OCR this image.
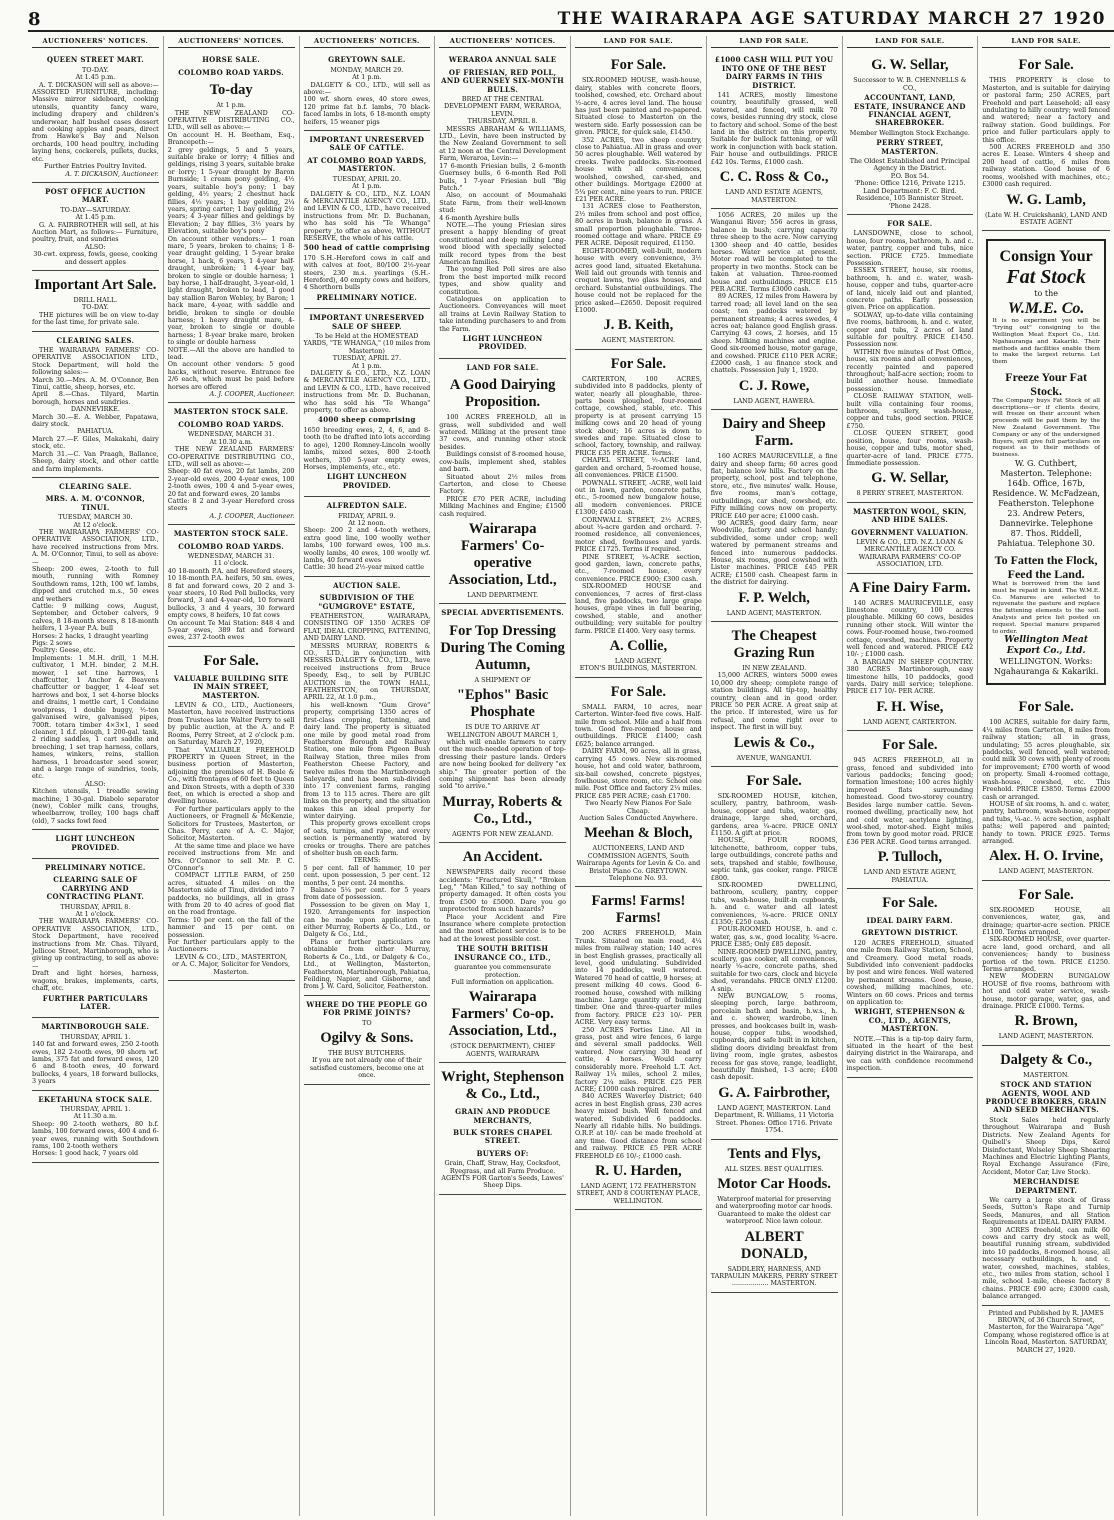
8	THE WAIRARAPA AGE SATURDAY MARCH 27 1920
AUCTIONEERS' NOTICES.
QUEEN STREET MART.
TO-DAY.
At 1.45 p.m.
A. T. DICKASON will sell as above:— ASSORTED FURNITURE, including: Massive mirror sideboard, cooking utensils, quantity fancy ware, including drapery and children's underwear, half bushel cases dessert and cooking apples and pears, direct from Hawke's Bay and Nelson orchards, 100 head poultry, including laying hens, cockerels, pullets, ducks, etc.
Further Entries Poultry Invited.
A. T. DICKASON, Auctioneer.
POST OFFICE AUCTION MART.
TO-DAY—SATURDAY.
At 1.45 p.m.
G. A. FAIRBROTHER will sell, at his Auction Mart, as follows:— Furniture, poultry, fruit, and sundries
ALSO:
30-cwt. express, fowls, geese, cooking and dessert apples
Important Art Sale.
DRILL HALL.
TO-DAY.
THE pictures will be on view to-day for the last time, for private sale.
CLEARING SALES.
THE WAIRARAPA FARMERS' CO-OPERATIVE ASSOCIATION LTD., Stock Department, will hold the following sales:—
March 30.—Mrs. A. M. O'Connor, Ben Tinui, cattle, sheep, horses, etc.
April 8.—Chas. Tilyard, Martin borough, horses and sundries.
DANNEVIRKE.
March 30.—E. A. Webber, Papatawa, dairy stock.
PAHIATUA.
March 27.—F. Giles, Makakahi, dairy stock, etc.
March 31.—C. Van Praagh, Ballance, Sheep, dairy stock, and other cattle and farm implements.
CLEARING SALE.
MRS. A. M. O'CONNOR, TINUI.
TUESDAY, MARCH 30.
At 12 o'clock.
THE WAIRARAPA FARMERS' CO-OPERATIVE ASSOCIATION, LTD., have received instructions from Mrs. A. M. O'Connor, Tinui, to sell as above:—
Sheep: 200 ewes, 2-tooth to full mouth, running with Romney Southdown rams, 12th, 100 wf. lambs, dipped and crutched m.s., 50 ewes and wethers
Cattle: 9 milking cows, August, September, and October calvers, 9 calves, 8 18-month steers, 8 18-month heifers, 1 3-year P.A. bull
Horses: 2 hacks, 1 draught yearling
Pigs: 2 sows
Poultry: Geese, etc.
Implements: 1 M.H. drill, 1 M.H. cultivator, 1 M.H. binder, 2 M.H. mower, 1 set tine harrows, 1 chaffcutter, 1 Anchor & Beavens chaffcutter or bagger, 1 4-leaf set harrows and box, 1 set 4-horse blocks and drains, 1 mettle cart, 1 Condaine woolpress, 1 double buggy, ½-ton galvanised wire, galvanised pipes, 700ft. totara timber 4×3×1, 1 seed cleaner, 1 d.f. plough, 1 200-gal. tank, 2 riding saddles, 1 cart saddle and breeching, 1 set trap harness, collars, hames, winkers, reins, stallion harness, 1 broadcaster seed sower, and a large range of sundries, tools, etc.
ALSO:
Kitchen utensils, 1 treadle sewing machine, 1 30-gal. Diabolo separator (new), Cobler milk cans, troughs, wheelbarrow, trolley, 100 bags chaff (old), 7 sacks fowl feed
LIGHT LUNCHEON PROVIDED.
PRELIMINARY NOTICE.
CLEARING SALE OF CARRYING AND CONTRACTING PLANT.
THURSDAY, APRIL 8.
At 1 o'clock.
THE WAIRARAPA FARMERS' CO-OPERATIVE ASSOCIATION, LTD., Stock Department, have received instructions from Mr. Chas. Tilyard, Jellicoe Street, Martinborough, who is giving up contracting, to sell as above:—
Draft and light horses, harness, wagons, brakes, implements, carts, chaff, etc.
FURTHER PARTICULARS LATER.
MARTINBOROUGH SALE.
THURSDAY, APRIL 1.
140 fat and forward ewes, 250 2-tooth ewes, 182 2-tooth ewes, 90 shorn wf. lambs, 375 fat and forward ewes, 120 6 and 8-tooth ewes, 40 forward bullocks, 4 years, 18 forward bullocks, 3 years
EKETAHUNA STOCK SALE.
THURSDAY, APRIL 1.
At 11.30 a.m.
Sheep: 90 2-tooth wethers, 80 b.f. lambs, 100 forward ewes, 400 4 and 6-year ewes, running with Southdown rams, 100 2-tooth wethers
Horses: 1 good hack, 7 years old
AUCTIONEERS' NOTICES.
HORSE SALE.
COLOMBO ROAD YARDS.
To-day
At 1 p.m.
THE NEW ZEALAND CO-OPERATIVE DISTRIBUTING CO., LTD., will sell as above:—
On account H. H. Beetham, Esq., Brancepeth:—
2 grey geldings, 5 and 5 years, suitable brake or lorry; 4 fillies and geldings, rising 3 years, suitable brake or lorry; 1 5-year draught by Baron Burnside; 1 cream pony gelding, 4½ years, suitable boy's pony; 1 bay gelding, 4½ years; 2 chestnut hack fillies, 4½ years; 1 bay gelding, 2¼ years, spring carter; 1 bay gelding 2½ years; 4 3-year fillies and geldings by Elevation; 2 bay fillies, 3½ years by Elevation, suitable boy's pony
On account other vendors:— 1 roan mare, 5 years, broken to chains; 1 8-year draught gelding, 1 5-year brake horse, 1 hack, 6 years, 1 4-year half-draught, unbroken; 1 4-year bay, broken to single or double harness; 1 bay horse, 1 half-draught, 3-year-old, 1 light draught, broken to lead, 1 good bay stallion Baron Webley, by Baron; 1 hack mare, 4-year, with saddle and bridle, broken to single or double harness; 1 heavy draught mare, 4-year, broken to single or double harness; 1 8-year brake mare, broken to single or double harness
NOTE.—All the above are handled to lead.
On account other vendors: 5 good hacks, without reserve. Entrance fee 2/6 each, which must be paid before horses are offered
A. J. COOPER, Auctioneer.
MASTERTON STOCK SALE.
COLOMBO ROAD YARDS.
WEDNESDAY, MARCH 31.
At 10.30 a.m.
THE NEW ZEALAND FARMERS' CO-OPERATIVE DISTRIBUTING CO., LTD., will sell as above:—
Sheep: 40 fat ewes, 20 fat lambs, 200 2-year-old ewes, 200 4-year ewes, 100 2-tooth ewes, 100 4 and 5-year ewes, 20 fat and forward ewes, 20 lambs
Cattle: 8 2 and 3-year Hereford cross steers
A. J. COOPER, Auctioneer.
MASTERTON STOCK SALE.
COLOMBO ROAD YARDS.
WEDNESDAY, MARCH 31.
11 o'clock.
40 18-month P.A. and Hereford steers, 10 18-month P.A. heifers, 50 sm. ewes, 8 fat and forward cows, 20 2 and 3-year steers, 10 Red Poll bullocks, very forward, 3 and 4-year-old, 10 forward bullocks, 3 and 4 years, 30 forward empty cows, 8 heifers, 10 fat cows
On account Te Mai Station: 848 4 and 5-year ewes, 389 fat and forward ewes, 237 2-tooth ewes
For Sale.
VALUABLE BUILDING SITE IN MAIN STREET, MASTERTON.
LEVIN & CO., LTD., Auctioneers, Masterton, have received instructions from Trustees late Walter Perry to sell by public auction, at the A. and P. Rooms, Perry Street, at 2 o'clock p.m. on Saturday, March 27, 1920,
That VALUABLE FREEHOLD PROPERTY in Queen Street, in the business portion of Masterton, adjoining the premises of H. Beale & Co., with frontages of 60 feet to Queen and Dixon Streets, with a depth of 330 feet, on which is erected a shop and dwelling house.
For further particulars apply to the Auctioneers, or Fragnell & McKenzie, Solicitors for Trustees, Masterton, or Chas. Perry, care of A. C. Major, Solicitor, Masterton.
At the same time and place we have received instructions from Mr. and Mrs. O'Connor to sell Mr. P. C. O'Connor's
COMPACT LITTLE FARM, of 250 acres, situated 4 miles on the Masterton side of Tinui, divided into 7 paddocks, no buildings, all in grass with from 20 to 40 acres of good flat on the road frontage.
Terms: 10 per cent. on the fall of the hammer and 15 per cent. on possession.
For further particulars apply to the Auctioneers:
LEVIN & CO., LTD., MASTERTON,
or A. C. Major, Solicitor for Vendors, Masterton.
AUCTIONEERS' NOTICES.
GREYTOWN SALE.
MONDAY, MARCH 29.
At 1 p.m.
DALGETY & CO., LTD., will sell as above:—
100 wf. shorn ewes, 40 store ewes, 120 prime fat b.f. lambs, 70 black-faced lambs in lots, 6 18-month empty heifers, 15 weaner pigs
IMPORTANT UNRESERVED SALE OF CATTLE.
AT COLOMBO ROAD YARDS, MASTERTON.
TUESDAY, APRIL 20.
At 1 p.m.
DALGETY & CO., LTD., N.Z. LOAN & MERCANTILE AGENCY CO., LTD., and LEVIN & CO., LTD., have received instructions from Mr. D. Buchanan, who has sold his "Te Whanga" property ,to offer as above, WITHOUT RESERVE, the whole of his cattle.
500 head of cattle comprising
170 S.H.-Hereford cows in calf and with calves at foot, 80/100 2½-year steers, 230 m.s. yearlings (S.H.-Hereford), 40 empty cows and heifers, 4 Shorthorn bulls
PRELIMINARY NOTICE.
IMPORTANT UNRESERVED SALE OF SHEEP.
To be Held at the HOMESTEAD YARDS, "TE WHANGA," (10 miles from Masterton)
TUESDAY, APRIL 27.
At 1 p.m.
DALGETY & CO., LTD., N.Z. LOAN & MERCANTILE AGENCY CO., LTD., and LEVIN & CO., LTD., have received instructions from Mr. D. Buchanan, who has sold his "Te Whanga" property, to offer as above.
4000 sheep comprising
1650 breeding ewes, 2, 4, 6, and 8-tooth (to be drafted into lots according to age), 1200 Romney-Lincoln woolly lambs, mixed sexes, 800 2-tooth wethers, 350 5-year empty ewes, Horses, implements, etc., etc.
LIGHT LUNCHEON PROVIDED.
ALFREDTON SALE.
FRIDAY, APRIL 9.
At 12 noon.
Sheep: 200 2 and 4-tooth wethers, extra good line, 100 woolly wether lambs, 100 forward ewes, 100 m.s. woolly lambs, 40 ewes, 100 woolly wf. lambs, 40 forward ewes
Cattle: 30 head 2½-year mixed cattle
AUCTION SALE.
SUBDIVISION OF THE "GUMGROVE" ESTATE,
FEATHERSTON, WAIRARAPA, CONSISTING OF 1350 ACRES OF FLAT, IDEAL CROPPING, FATTENING, AND DAIRY LAND.
MESSRS MURRAY, ROBERTS & CO., LTD., in conjunction with MESSRS DALGETY & CO., LTD., have received instructions from Bruce Speedy, Esq., to sell by PUBLIC AUCTION in the TOWN HALL, FEATHERSTON, on THURSDAY, APRIL 22, At 1.0 p.m.,
his well-known "Gum Grove" property, comprising 1350 acres of first-class cropping, fattening, and dairy land. The property is situated one mile by good metal road from Featherston Borough and Railway Station, one mile from Pigeon Bush Railway Station, three miles from Featherston Cheese Factory, and twelve miles from the Martinborough Saleyards, and has been sub-divided into 17 convenient farms, ranging from 13 to 115 acres. There are gilt links on the property, and the situation makes this an ideal property for winter dairying.
This property grows excellent crops of oats, turnips, and rape, and every section is permanently watered by creeks or troughs. There are patches of shelter bush on each farm.
TERMS:
5 per cent. fall of hammer, 10 per cent. upon possession, 5 per cent. 12 months, 5 per cent. 24 months.
Balance 5¼ per cent. for 5 years from date of possession.
Possession to be given on May 1, 1920. Arrangements for inspection can be made upon application to either Murray, Roberts & Co., Ltd., or Dalgety & Co., Ltd.,
Plans or further particulars are obtainable from either Murray, Roberts & Co., Ltd., or Dalgety & Co., Ltd., at Wellington, Masterton, Featherston, Martinborough, Pahiatua, Feilding, Napier, and Gisborne, and from J. W. Card, Solicitor, Featherston.
WHERE DO THE PEOPLE GO FOR PRIME JOINTS?
TO
Ogilvy & Sons.
THE BUSY BUTCHERS.
If you are not already one of their satisfied customers, become one at once.
AUCTIONEERS' NOTICES.
WERAROA ANNUAL SALE
OF FRIESIAN, RED POLL, AND GUERNSEY SIX-MONTH BULLS.
BRED AT THE CENTRAL DEVELOPMENT FARM, WERAROA, LEVIN.
THURSDAY, APRIL 8.
MESSRS ABRAHAM & WILLIAMS, LTD., Levin, have been instructed by the New Zealand Government to sell at 12 noon at the Central Development Farm, Weraroa, Levin:—
17 6-month Friesian bulls, 2 6-month Guernsey bulls, 6 6-month Red Poll bulls, 1 7-year Friesian bull "Big Patch."
Also, on account of Moumahaki State Farm, from their well-known stud:
4 6-month Ayrshire bulls
NOTE.—The young Friesian sires present a happy blending of great constitutional and deep milking Long-wood blood with specially selected milk record types from the best American families.
The young Red Poll sires are also from the best imported milk record types, and show quality and constitution.
Catalogues on application to Auctioneers. Conveyances will meet all trains at Levin Railway Station to take intending purchasers to and from the Farm.
LIGHT LUNCHEON PROVIDED.
LAND FOR SALE.
A Good Dairying Proposition.
100 ACRES FREEHOLD, all in grass, well subdivided and well watered. Milking at the present time 37 cows, and running other stock besides.
Buildings consist of 8-roomed house, cow-bails, implement shed, stables and barn.
Situated about 2½ miles from Carterton, and close to Cheese Factory.
PRICE £70 PER ACRE, including Milking Machines and Engine; £1500 cash required.
Wairarapa Farmers' Co-operative Association, Ltd.,
LAND DEPARTMENT.
SPECIAL ADVERTISEMENTS.
For Top Dressing During The Coming Autumn,
A SHIPMENT OF
"Ephos" Basic Phosphate
IS DUE TO ARRIVE AT
WELLINGTON ABOUT MARCH 1,
which will enable farmers to carry out the much-needed operation of top-dressing their pasture lands. Orders are now being booked for delivery "ex ship." The greater portion of the coming shipment has been already sold "to arrive."
Murray, Roberts & Co., Ltd.,
AGENTS FOR NEW ZEALAND.
An Accident.
NEWSPAPERS daily record these accidents: "Fractured Skull," "Broken Leg," "Man Killed," to say nothing of property damaged. It often costs you from £500 to £5000. Dare you go unprotected from such hazards?
Place your Accident and Fire Insurance where complete protection and the most efficient service is to be had at the lowest possible cost.
THE SOUTH BRITISH INSURANCE CO., LTD.,
guarantee you commensurate protection.
Full information on application.
Wairarapa Farmers' Co-op. Association, Ltd.,
(STOCK DEPARTMENT), CHIEF AGENTS, WAIRARAPA
Wright, Stephenson & Co., Ltd.,
GRAIN AND PRODUCE MERCHANTS,
BULK STORES CHAPEL STREET.
BUYERS OF:
Grain, Chaff, Straw, Hay, Cocksfoot, Ryegrass, and all Farm Produce.
AGENTS FOR Garton's Seeds, Lawes' Sheep Dips.
LAND FOR SALE.
For Sale.
SIX-ROOMED HOUSE, wash-house, dairy, stables with concrete floors, toolshed, cowshed, etc. Orchard about ½-acre, 4 acres level land. The house has just been painted and re-papered. Situated close to Masterton on the western side. Early possession can be given. PRICE, for quick sale, £1450.
352 ACRES, two sheep country, close to Pahiatua. All in grass and over 50 acres ploughable. Well watered by creeks. Twelve paddocks. Six-roomed house with all conveniences, woolshed, cowshed, car-shed, and other buildings. Mortgage £2000 at 5¼ per cent., nine years to run. PRICE £21 PER ACRE.
131 ACRES close to Featherston, 2½ miles from school and post office, 80 acres in bush, balance in grass. A small proportion ploughable. Three-roomed cottage and whare. PRICE £9 PER ACRE. Deposit required, £1150.
EIGHT-ROOMED, well-built, modern house with every convenience, 3½ acres good land, situated Eketahuna. Well laid out grounds with tennis and croquet lawns, two glass houses, and orchard. Substantial outbuildings. The house could not be replaced for the price asked—£2650. Deposit required £1000.
J. B. Keith,
AGENT, MASTERTON.
For Sale.
CARTERTON, 100 ACRES, subdivided into 8 paddocks, plenty of water, nearly all ploughable, three-parts been ploughed, four-roomed cottage, cowshed, stable, etc. This property is at present carrying 15 milking cows and 20 head of young stock about; 16 acres is down to swedes and rape. Situated close to school, factory, township, and railway. PRICE £35 PER ACRE. Terms.
CHAPEL STREET, ½-ACRE land, garden and orchard, 5-roomed house, all conveniences. PRICE £1500.
POWNALL STREET, -ACRE, well laid out in lawn, garden, concrete paths, etc., 5-roomed new bungalow house, all modern conveniences. PRICE £1300; £450 cash.
CORNWALL STREET, 2½ ACRES, about ¼-acre garden and orchard. 7-roomed residence, all conveniences, motor shed, fowlhouses and yards. PRICE £1725. Terms if required.
PINE STREET, ¼-ACRE section, good garden, lawn, concrete paths, etc., 7-roomed house, every convenience. PRICE £900; £300 cash.
SIX-ROOMED HOUSE and conveniences, 7 acres of first-class land, five paddocks, two large grape houses, grape vines in full bearing, cowshed, stable, and another outbuilding; very suitable for poultry farm. PRICE £1400. Very easy terms.
A. Collie,
LAND AGENT,
ETON'S BUILDINGS, MASTERTON.
For Sale.
SMALL FARM, 10 acres, near Carterton. Winter-feed five cows. Half-mile from school. Mile and a half from town. Good five-roomed house and outbuildings. PRICE £1400; cash £625; balance arranged.
DAIRY FARM, 90 acres, all in grass, carrying 45 cows. New six-roomed house, hot and cold water, bathroom, six-bail cowshed, concrete pigstyes, fowlhouse, store room, etc. School one mile. Post Office and factory 2¼ miles. PRICE £85 PER ACRE; cash £1700.
Two Nearly New Pianos For Sale Cheap.
Auction Sales Conducted Anywhere.
Meehan & Bloch,
AUCTIONEERS, LAND AND COMMISSION AGENTS, South Wairarapa Agents for Levin & Co. and Bristol Piano Co. GREYTOWN.
Telephone No. 93.
Farms! Farms! Farms!
200 ACRES FREEHOLD, Main Trunk. Situated on main road, 4¼ miles from railway station; 140 acres in best English grasses, practically all level, good undulating. Subdivided into 14 paddocks, well watered. Watered 70 head of cattle, 9 horses; at present milking 40 cows. Good 6-roomed house, cowshed with milking machine. Large quantity of building timber. One and three-quarter miles from factory. PRICE £23 10/- PER ACRE. Very easy terms.
250 ACRES Forties Line. All in grass, post and wire fences, 6 large and several small paddocks. Well watered. Now carrying 30 head of cattle, 4 horses. Would carry considerably more. Freehold L.T. Act. Railway 1¼ miles, school 2 miles, factory 2¼ miles. PRICE £25 PER ACRE; £1000 cash required.
840 ACRES Waverley District; 640 acres in best English grass, 230 acres heavy mixed bush. Well fenced and watered. Subdivided 6 paddocks. Nearly all ridable hills. No buildings. O.R.P. at 10/- can be made freehold at any time. Good distance from school and railway. PRICE £5 PER ACRE FREEHOLD £6 10/-; £1000 cash.
R. U. Harden,
LAND AGENT, 172 FEATHERSTON STREET, AND 8 COURTENAY PLACE, WELLINGTON.
LAND FOR SALE.
£1000 CASH WILL PUT YOU INTO ONE OF THE BEST DAIRY FARMS IN THIS DISTRICT.
141 ACRES, mostly limestone country, beautifully grassed, well watered, and fenced, will milk 70 cows, besides running dry stock, close to factory and school. Some of the best land in the district on this property. Suitable for bullock fattening, or will work in conjunction with back station. Fair house and outbuildings. PRICE £42 10s. Terms, £1000 cash.
C. C. Ross & Co.,
LAND AND ESTATE AGENTS, MASTERTON.
1056 ACRES, 20 miles up the Wanganui River; 556 acres in grass, balance in bush; carrying capacity three sheep to the acre. Now carrying 1300 sheep and 40 cattle, besides horses. Water service at present. Motor road will be completed to the property in two months. Stock can be taken at valuation. Three-roomed house and outbuildings. PRICE £15 PER ACRE. Terms £3000 cash.
89 ACRES, 12 miles from Hawera by tarred road; all level land on the sea coast; ten paddocks watered by permanent streams; 4 acres swedes, 4 acres oat; balance good English grass. Carrying 43 cows, 2 horses, and 15 sheep. Milking machines and engine. Good six-roomed house, motor garage, and cowshed. PRICE £110 PER ACRE; £2000 cash, 1 au finance stock and chattels. Possession July 1, 1920.
C. J. Rowe,
LAND AGENT, HAWERA.
Dairy and Sheep Farm.
160 ACRES MAURICEVILLE, a fine dairy and sheep farm; 60 acres good flat, balance low hills. Factory on the property, school, post and telephone, store, etc., five minutes' walk. House, five rooms, man's cottage, outbuildings, car shed, cowshed, etc. Fifty milking cows now on property. PRICE £40 per acre; £1000 cash.
90 ACRES, good dairy farm, near Woodville, factory and school handy; subdivided, some under crop; well watered by permanent streams and fenced into numerous paddocks. House, six rooms, good cowshed with Lister machines. PRICE £45 PER ACRE; £1500 cash. Cheapest farm in the district for dairying.
F. P. Welch,
LAND AGENT, MASTERTON.
The Cheapest Grazing Run
IN NEW ZEALAND.
15,000 ACRES, winters 5000 ewes 10,000 dry sheep; complete range of station buildings. All tip-top, healthy country, clean and in good order. PRICE 50 PER ACRE. A great snip at the price. If interested, wire us for refusal, and come right over to inspect. The first in will buy.
Lewis & Co.,
AVENUE, WANGANUI.
For Sale.
SIX-ROOMED HOUSE, kitchen, scullery, pantry, bathroom, wash-house, copper and tubs, water, gas, drainage, large shed, orchard, gardens, area ¼-acre. PRICE ONLY £1150. A gift at price.
HOUSE, FOUR ROOMS, kitchenette, bathroom, copper tubs, large outbuildings, concrete paths and sets, trapshed and stable, fowlhouse, septic tank, gas cooker, range. PRICE £800.
SIX-ROOMED DWELLING, bathroom, scullery, pantry, copper tubs, wash-house, built-in cupboards, h. and c. water and all latest conveniences, ¼-acre. PRICE ONLY £1350; £250 cash.
FOUR-ROOMED HOUSE, h. and c. water, gas, s.w., good locality, ¼-acre. PRICE £385; Only £85 deposit.
NINE-ROOMED DWELLING, pantry, scullery, gas cooker, all conveniences, nearly ¼-acre, concrete paths, shed suitable for two cars, clock and bicycle shed, verandahs. PRICE ONLY £1200. A snip.
NEW BUNGALOW, 5 rooms, sleeping porch, large bathroom, porcelain bath and basin, h.w.s., h. and c. shower, wardrobe, linen presses, and bookcases built in, wash-house, copper tubs, woodshed, cupboards, and safe built in in kitchen, sliding doors dividing breakfast from living room, ingle grates, asbestos recess for gas stove, range, leadlight, beautifully finished, 1-3 acre; £400 cash deposit.
G. A. Fairbrother,
LAND AGENT, MASTERTON. Land Department, R. Williams, 11 Victoria Street. Phones: Office 1716. Private 1754.
Tents and Flys,
ALL SIZES. BEST QUALITIES.
Motor Car Hoods.
Waterproof material for preserving and waterproofing motor car hoods. Guaranteed to make the oldest car waterproof. Nice lawn colour.
ALBERT DONALD,
SADDLERY, HARNESS, AND TARPAULIN MAKERS, PERRY STREET .................. MASTERTON.
LAND FOR SALE.
G. W. Sellar,
Successor to W. B. CHENNELLS & CO.,
ACCOUNTANT, LAND, ESTATE, INSURANCE AND FINANCIAL AGENT, SHAREBROKER.
Member Wellington Stock Exchange.
PERRY STREET, MASTERTON.
The Oldest Established and Principal Agency in the District.
P.O. Box 54.
'Phone: Office 1216, Private 1215.
Land Department: F. C. Bird. Residence, 105 Bannister Street. 'Phone 2428.
FOR SALE.
LANSDOWNE, close to school, house, four rooms, bathroom, h. and c. water, pantry, copper and tubs, nice section. PRICE £725. Immediate Possession.
ESSEX STREET, house, six rooms, bathroom, h. and c. water, wash-house, copper and tubs, quarter-acre of land, nicely laid out and planted, concrete paths. Early possession given. Price on application.
SOLWAY, up-to-date villa containing five rooms, bathroom, h. and c. water, copper and tubs, 2 acres of land suitable for poultry. PRICE £1450. Possession now.
WITHIN five minutes of Post Office, house, six rooms and all conveniences, recently painted and papered throughout; half-acre section; room to build another house. Immediate possession.
CLOSE RAILWAY STATION, well-built villa containing four rooms, bathroom, scullery, wash-house, copper and tubs, good section. PRICE £750.
CLOSE QUEEN STREET, good position, house, four rooms, wash-house, copper and tubs, motor shed, quarter-acre of land. PRICE £775. Immediate possession.
G. W. Sellar,
8 PERRY STREET, MASTERTON.
MASTERTON WOOL, SKIN, AND HIDE SALES.
GOVERNMENT VALUATION.
LEVIN & CO., LTD. N.Z. LOAN & MERCANTILE AGENCY CO. WAIRARAPA FARMERS' CO-OP ASSOCIATION, LTD.
A Fine Dairy Farm.
140 ACRES MAURICEVILLE, easy limestone country, 100 acres ploughable. Milking 60 cows, besides running other stock. Will winter the cows. Four-roomed house, two-roomed cottage, cowshed, machines. Property well fenced and watered. PRICE £42 10/- ; £1000 cash.
A BARGAIN IN SHEEP COUNTRY. 380 ACRES Martinborough, easy limestone hills, 10 paddocks, good yards. Dairy mill service; telephone. PRICE £17 10/- PER ACRE.
F. H. Wise,
LAND AGENT, CARTERTON.
For Sale.
945 ACRES FREEHOLD, all in grass, fenced and subdivided into various paddocks; fencing good; formation limestone; 100 acres highly improved flats surrounding homestead. Good two-storey country. Besides large number cattle. Seven-roomed dwelling, practically new, hot and cold water, acetylene lighting, wool-shed, motor-shed. Eight miles from town by good motor road. PRICE £36 PER ACRE. Good terms arranged.
P. Tulloch,
LAND AND ESTATE AGENT, PAHIATUA.
For Sale.
IDEAL DAIRY FARM.
GREYTOWN DISTRICT.
120 ACRES FREEHOLD, situated one mile from Railway Station, School, and Creamery. Good metal roads. Subdivided into convenient paddocks by post and wire fences. Well watered by permanent streams. Good house, cowshed, milking machines, etc. Winters on 60 cows. Prices and terms on application to:
WRIGHT, STEPHENSON & CO., LTD., AGENTS, MASTERTON.
NOTE.—This is a tip-top dairy farm, situated in the heart of the best dairying district in the Wairarapa, and we can with confidence recommend inspection.
LAND FOR SALE.
For Sale.
THIS PROPERTY is close to Masterton, and is suitable for dairying or pastoral farm; 250 ACRES, part Freehold and part Leasehold; all easy undulating to hilly country; well fenced and watered; near a factory and railway station. Good buildings. For price and fuller particulars apply to this office.
500 ACRES FREEHOLD and 350 acres E. Lease. Winters 4 sheep and 200 head of cattle, 6 miles from railway station. Good house of 6 rooms, woolshed with machines, etc.; £3000 cash required.
W. G. Lamb,
(Late W. H. Cruickshank), LAND AND ESTATE AGENT
Consign Your
Fat Stock
to the
W.M.E. Co.
It is no experiment you will be "trying out" consigning to the Wellington Meat Export Co., Ltd. Ngahauranga and Kakariki. Their methods and facilities enable them to make the largest returns. Let them
Freeze Your Fat Stock.
The Company buys Fat Stock of all descriptions—or if clients desire, will freeze on their account when proceeds will be paid them by the New Zealand Government. The Company or any of the undersigned Buyers, will give full particulars on request as to their methods of business.
W. G. Cuthbert, Masterton. Telephone: 164b. Office, 167b, Residence. W. McFadzean, Featherston. Telephone 23. Andrew Peters, Dannevirke. Telephone 87. Thos. Riddell, Pahiatua. Telephone 30.
To Fatten the Flock, Feed the Land.
What is borrowed from the land must be repaid in kind. The W.M.E. Co. Manures are selected to rejuvenate the pasture and replace the fattening elements to the soil. Analysis and price list posted on request. Special manure prepared to order.
Wellington Meat Export Co., Ltd.
WELLINGTON. Works: Ngahauranga & Kakariki.
For Sale.
100 ACRES, suitable for dairy farm, 4¼ miles from Carterton, 8 miles from railway station; all in grass, undulating; 55 acres ploughable, six paddocks, well fenced, well watered; could milk 30 cows with plenty of room for improvement; £700 worth of wood on property. Small 4-roomed cottage, wash-house, cowshed, etc. This Freehold. PRICE £3850. Terms £2000 cash or arranged.
HOUSE of six rooms, h. and c. water, pantry, bathroom, wash-house, copper and tubs, ¼-ac. ½ acre section, asphalt paths; well papered and painted; handy to town. PRICE £925. Terms arranged.
Alex. H. O. Irvine,
LAND AGENT, MASTERTON.
For Sale.
SIX-ROOMED HOUSE, all conveniences, water, gas, and drainage; quarter-acre section. PRICE £1100. Terms arranged.
SIX-ROOMED HOUSE, over quarter-acre land, good orchard, and all conveniences; handy to business portion of the town. PRICE £1250. Terms arranged.
NEW MODERN BUNGALOW HOUSE of five rooms, bathroom with hot and cold water service, wash-house, motor garage, water, gas, and drainage. PRICE £1000. Terms.
R. Brown,
LAND AGENT, MASTERTON.
Dalgety & Co.,
MASTERTON.
STOCK AND STATION AGENTS, WOOL AND PRODUCE BROKERS, GRAIN AND SEED MERCHANTS.
Stock Sales held regularly throughout Wairarapa and Bush Districts. New Zealand Agents for Quibell's Sheep Dips, Kerol Disinfectant, Wolseley Sheep Shearing Machines and Electric Lighting Plants, Royal Exchange Assurance (Fire, Accident, Motor Car, Live Stock).
MERCHANDISE DEPARTMENT.
We carry a large stock of Grass Seeds, Sutton's Rape and Turnip Seeds, Manures, and all Station Requirements at IDEAL DAIRY FARM.
300 ACRES freehold, can milk 60 cows and carry dry stock as well, beautiful running stream, subdivided into 10 paddocks, 8-roomed house, all necessary outbuildings, h. and c. water, cowshed, machines, stables, etc., two miles from station, school 1 mile, school 1-mile, cheese factory 8 chains. PRICE £90 acre; £3000 cash, balance arranged.
Printed and Published by R. JAMES BROWN, of 36 Church Street, Masterton, for the Wairarapa "Age" Company, whose registered office is at Lincoln Road, Masterton. SATURDAY, MARCH 27, 1920.
